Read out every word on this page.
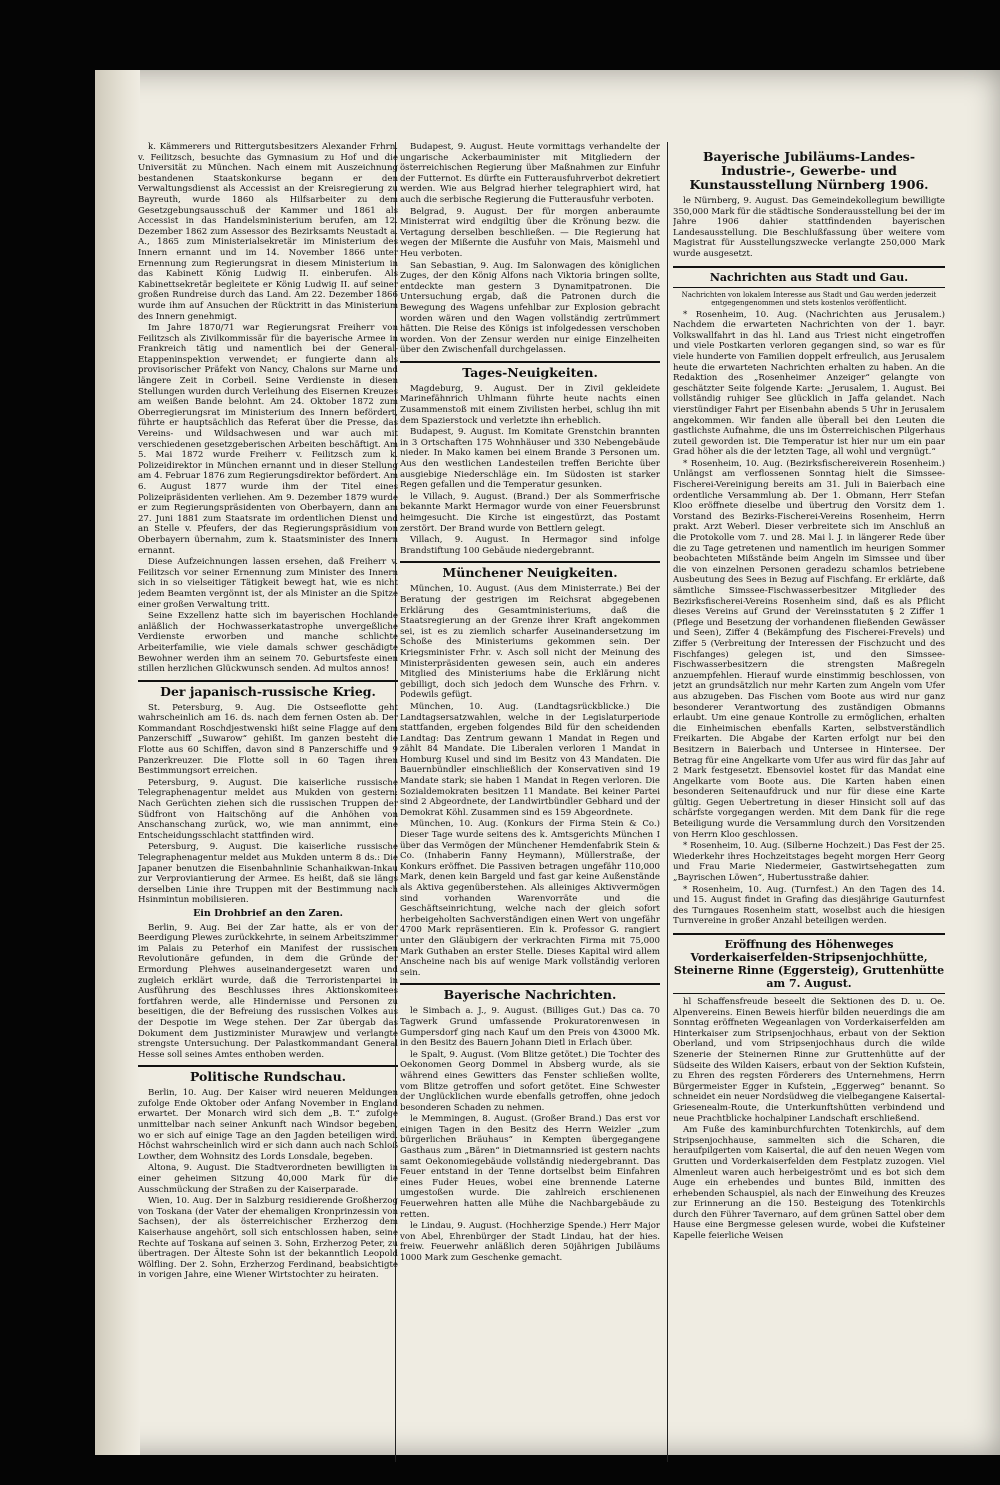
k. Kämmerers und Rittergutsbesitzers Alexander Frhrn. v. Feilitzsch, besuchte das Gymnasium zu Hof und die Universität zu München. Nach einem mit Auszeichnung bestandenen Staatskonkurse begann er den Verwaltungsdienst als Accessist an der Kreisregierung zu Bayreuth, wurde 1860 als Hilfsarbeiter zu dem Gesetzgebungsausschuß der Kammer und 1861 als Accessist in das Handelsministerium berufen, am 12. Dezember 1862 zum Assessor des Bezirksamts Neustadt a. A., 1865 zum Ministerialsekretär im Ministerium des Innern ernannt und im 14. November 1866 unter Ernennung zum Regierungsrat in diesem Ministerium in das Kabinett König Ludwig II. einberufen. Als Kabinettsekretär begleitete er König Ludwig II. auf seiner großen Rundreise durch das Land. Am 22. Dezember 1866 wurde ihm auf Ansuchen der Rücktritt in das Ministerium des Innern genehmigt.

Im Jahre 1870/71 war Regierungsrat Freiherr von Feilitzsch als Zivilkommissär für die bayerische Armee in Frankreich tätig und namentlich bei der General-Etappeninspektion verwendet; er fungierte dann als provisorischer Präfekt von Nancy, Chalons sur Marne und längere Zeit in Corbeil. Seine Verdienste in diesen Stellungen wurden durch Verleihung des Eisernen Kreuzes am weißen Bande belohnt. Am 24. Oktober 1872 zum Oberregierungsrat im Ministerium des Innern befördert, führte er hauptsächlich das Referat über die Presse, das Vereins- und Wildsachwesen und war auch mit verschiedenen gesetzgeberischen Arbeiten beschäftigt. Am 5. Mai 1872 wurde Freiherr v. Feilitzsch zum k. Polizeidirektor in München ernannt und in dieser Stellung am 4. Februar 1876 zum Regierungsdirektor befördert. Am 6. August 1877 wurde ihm der Titel eines Polizeipräsidenten verliehen. Am 9. Dezember 1879 wurde er zum Regierungspräsidenten von Oberbayern, dann am 27. Juni 1881 zum Staatsrate im ordentlichen Dienst und an Stelle v. Pfeufers, der das Regierungspräsidium von Oberbayern übernahm, zum k. Staatsminister des Innern ernannt.

Diese Aufzeichnungen lassen ersehen, daß Freiherr v. Feilitzsch vor seiner Ernennung zum Minister des Innern sich in so vielseitiger Tätigkeit bewegt hat, wie es nicht jedem Beamten vergönnt ist, der als Minister an die Spitze einer großen Verwaltung tritt.

Seine Exzellenz hatte sich im bayerischen Hochlande anläßlich der Hochwasserkatastrophe unvergeßliche Verdienste erworben und manche schlichte Arbeiterfamilie, wie viele damals schwer geschädigte Bewohner werden ihm an seinem 70. Geburtsfeste einen stillen herzlichen Glückwunsch senden. Ad multos annos!

Der japanisch-russische Krieg.

St. Petersburg, 9. Aug. Die Ostseeflotte geht wahrscheinlich am 16. ds. nach dem fernen Osten ab. Der Kommandant Roschdjestwenski hißt seine Flagge auf dem Panzerschiff „Suwarow“ gehißt. Im ganzen besteht die Flotte aus 60 Schiffen, davon sind 8 Panzerschiffe und 9 Panzerkreuzer. Die Flotte soll in 60 Tagen ihren Bestimmungsort erreichen.

Petersburg, 9. August. Die kaiserliche russische Telegraphenagentur meldet aus Mukden von gestern: Nach Gerüchten ziehen sich die russischen Truppen der Südfront von Haitschöng auf die Anhöhen von Anschanschang zurück, wo, wie man annimmt, eine Entscheidungsschlacht stattfinden wird.

Petersburg, 9. August. Die kaiserliche russische Telegraphenagentur meldet aus Mukden unterm 8 ds.: Die Japaner benutzen die Eisenbahnlinie Schanhaikwan-Inkau zur Verproviantierung der Armee. Es heißt, daß sie längs derselben Linie ihre Truppen mit der Bestimmung nach Hsinmintun mobilisieren.

Ein Drohbrief an den Zaren.

Berlin, 9. Aug. Bei der Zar hatte, als er von der Beerdigung Plewes zurückkehrte, in seinem Arbeitszimmer im Palais zu Peterhof ein Manifest der russischen Revolutionäre gefunden, in dem die Gründe der Ermordung Plehwes auseinandergesetzt waren und zugleich erklärt wurde, daß die Terroristenpartei in Ausführung des Beschlusses ihres Aktionskomitees fortfahren werde, alle Hindernisse und Personen zu beseitigen, die der Befreiung des russischen Volkes aus der Despotie im Wege stehen. Der Zar übergab das Dokument dem Justizminister Murawjew und verlangte strengste Untersuchung. Der Palastkommandant General Hesse soll seines Amtes enthoben werden.

Politische Rundschau.

Berlin, 10. Aug. Der Kaiser wird neueren Meldungen zufolge Ende Oktober oder Anfang November in England erwartet. Der Monarch wird sich dem „B. T.“ zufolge unmittelbar nach seiner Ankunft nach Windsor begeben, wo er sich auf einige Tage an den Jagden beteiligen wird. Höchst wahrscheinlich wird er sich dann auch nach Schloß Lowther, dem Wohnsitz des Lords Lonsdale, begeben.

Altona, 9. August. Die Stadtverordneten bewilligten in einer geheimen Sitzung 40,000 Mark für die Ausschmückung der Straßen zu der Kaiserparade.

Wien, 10. Aug. Der in Salzburg residierende Großherzog von Toskana (der Vater der ehemaligen Kronprinzessin von Sachsen), der als österreichischer Erzherzog dem Kaiserhause angehört, soll sich entschlossen haben, seine Rechte auf Toskana auf seinen 3. Sohn, Erzherzog Peter, zu übertragen. Der Älteste Sohn ist der bekanntlich Leopold Wölfling. Der 2. Sohn, Erzherzog Ferdinand, beabsichtigte in vorigen Jahre, eine Wiener Wirtstochter zu heiraten.

Budapest, 9. August. Heute vormittags verhandelte der ungarische Ackerbauminister mit Mitgliedern der österreichischen Regierung über Maßnahmen zur Einfuhr der Futternot. Es dürfte ein Futterausfuhrverbot dekretiert werden. Wie aus Belgrad hierher telegraphiert wird, hat auch die serbische Regierung die Futterausfuhr verboten.

Belgrad, 9. August. Der für morgen anberaumte Ministerrat wird endgiltig über die Krönung bezw. die Vertagung derselben beschließen. — Die Regierung hat wegen der Mißernte die Ausfuhr von Mais, Maismehl und Heu verboten.

San Sebastian, 9. Aug. Im Salonwagen des königlichen Zuges, der den König Alfons nach Viktoria bringen sollte, entdeckte man gestern 3 Dynamitpatronen. Die Untersuchung ergab, daß die Patronen durch die Bewegung des Wagens unfehlbar zur Explosion gebracht worden wären und den Wagen vollständig zertrümmert hätten. Die Reise des Königs ist infolgedessen verschoben worden. Von der Zensur werden nur einige Einzelheiten über den Zwischenfall durchgelassen.

Tages-Neuigkeiten.

Magdeburg, 9. August. Der in Zivil gekleidete Marinefähnrich Uhlmann führte heute nachts einen Zusammenstoß mit einem Zivilisten herbei, schlug ihn mit dem Spazierstock und verletzte ihn erheblich.

Budapest, 9. August. Im Komitate Grenstchin brannten in 3 Ortschaften 175 Wohnhäuser und 330 Nebengebäude nieder. In Mako kamen bei einem Brande 3 Personen um. Aus den westlichen Landesteilen treffen Berichte über ausgiebige Niederschläge ein. Im Südosten ist starker Regen gefallen und die Temperatur gesunken.

le Villach, 9. August. (Brand.) Der als Sommerfrische bekannte Markt Hermagor wurde von einer Feuersbrunst heimgesucht. Die Kirche ist eingestürzt, das Postamt zerstört. Der Brand wurde von Bettlern gelegt.

Villach, 9. August. In Hermagor sind infolge Brandstiftung 100 Gebäude niedergebrannt.

Münchener Neuigkeiten.

München, 10. August. (Aus dem Ministerrate.) Bei der Beratung der gestrigen im Reichsrat abgegebenen Erklärung des Gesamtministeriums, daß die Staatsregierung an der Grenze ihrer Kraft angekommen sei, ist es zu ziemlich scharfer Auseinandersetzung im Schoße des Ministeriums gekommen sein. Der Kriegsminister Frhr. v. Asch soll nicht der Meinung des Ministerpräsidenten gewesen sein, auch ein anderes Mitglied des Ministeriums habe die Erklärung nicht gebilligt, doch sich jedoch dem Wunsche des Frhrn. v. Podewils gefügt.

München, 10. Aug. (Landtagsrückblicke.) Die Landtagsersatzwahlen, welche in der Legislaturperiode stattfanden, ergeben folgendes Bild für den scheidenden Landtag: Das Zentrum gewann 1 Mandat in Regen und zählt 84 Mandate. Die Liberalen verloren 1 Mandat in Homburg Kusel und sind im Besitz von 43 Mandaten. Die Bauernbündler einschließlich der Konservativen sind 19 Mandate stark; sie haben 1 Mandat in Regen verloren. Die Sozialdemokraten besitzen 11 Mandate. Bei keiner Partei sind 2 Abgeordnete, der Landwirtbündler Gebhard und der Demokrat Köhl. Zusammen sind es 159 Abgeordnete.

München, 10. Aug. (Konkurs der Firma Stein & Co.) Dieser Tage wurde seitens des k. Amtsgerichts München I über das Vermögen der Münchener Hemdenfabrik Stein & Co. (Inhaberin Fanny Heymann), Müllerstraße, der Konkurs eröffnet. Die Passiven betragen ungefähr 110,000 Mark, denen kein Bargeld und fast gar keine Außenstände als Aktiva gegenüberstehen. Als alleiniges Aktivvermögen sind vorhanden Warenvorräte und die Geschäftseinrichtung, welche nach der gleich sofort herbeigeholten Sachverständigen einen Wert von ungefähr 4700 Mark repräsentieren. Ein k. Professor G. rangiert unter den Gläubigern der verkrachten Firma mit 75,000 Mark Guthaben an erster Stelle. Dieses Kapital wird allem Anscheine nach bis auf wenige Mark vollständig verloren sein.

Bayerische Nachrichten.

le Simbach a. J., 9. August. (Billiges Gut.) Das ca. 70 Tagwerk Grund umfassende Prokuratorenwesen in Gumpersdorf ging nach Kauf um den Preis von 43000 Mk. in den Besitz des Bauern Johann Dietl in Erlach über.

le Spalt, 9. August. (Vom Blitze getötet.) Die Tochter des Oekonomen Georg Dommel in Absberg wurde, als sie während eines Gewitters das Fenster schließen wollte, vom Blitze getroffen und sofort getötet. Eine Schwester der Unglücklichen wurde ebenfalls getroffen, ohne jedoch besonderen Schaden zu nehmen.

le Memmingen, 8. August. (Großer Brand.) Das erst vor einigen Tagen in den Besitz des Herrn Weizler „zum bürgerlichen Bräuhaus“ in Kempten übergegangene Gasthaus zum „Bären“ in Dietmannsried ist gestern nachts samt Oekonomiegebäude vollständig niedergebrannt. Das Feuer entstand in der Tenne dortselbst beim Einfahren eines Fuder Heues, wobei eine brennende Laterne umgestoßen wurde. Die zahlreich erschienenen Feuerwehren hatten alle Mühe die Nachbargebäude zu retten.

le Lindau, 9. August. (Hochherzige Spende.) Herr Major von Abel, Ehrenbürger der Stadt Lindau, hat der hies. freiw. Feuerwehr anläßlich deren 50jährigen Jubiläums 1000 Mark zum Geschenke gemacht.

Bayerische Jubiläums-Landes-Industrie-, Gewerbe- und Kunstausstellung Nürnberg 1906.

le Nürnberg, 9. August. Das Gemeindekollegium bewilligte 350,000 Mark für die städtische Sonderausstellung bei der im Jahre 1906 dahier stattfindenden bayerischen Landesausstellung. Die Beschlußfassung über weitere vom Magistrat für Ausstellungszwecke verlangte 250,000 Mark wurde ausgesetzt.

Nachrichten aus Stadt und Gau.
Nachrichten von lokalem Interesse aus Stadt und Gau werden jederzeit entgegengenommen und stets kostenlos veröffentlicht.

* Rosenheim, 10. Aug. (Nachrichten aus Jerusalem.) Nachdem die erwarteten Nachrichten von der 1. bayr. Volkswallfahrt in das hl. Land aus Triest nicht eingetroffen und viele Postkarten verloren gegangen sind, so war es für viele hunderte von Familien doppelt erfreulich, aus Jerusalem heute die erwarteten Nachrichten erhalten zu haben. An die Redaktion des „Rosenheimer Anzeiger“ gelangte von geschätzter Seite folgende Karte: „Jerusalem, 1. August. Bei vollständig ruhiger See glücklich in Jaffa gelandet. Nach vierstündiger Fahrt per Eisenbahn abends 5 Uhr in Jerusalem angekommen. Wir fanden alle überall bei den Leuten die gastlichste Aufnahme, die uns im Österreichischen Pilgerhaus zuteil geworden ist. Die Temperatur ist hier nur um ein paar Grad höher als die der letzten Tage, all wohl und vergnügt.“

* Rosenheim, 10. Aug. (Bezirksfischereiverein Rosenheim.) Unlängst am verflossenen Sonntag hielt die Simssee-Fischerei-Vereinigung bereits am 31. Juli in Baierbach eine ordentliche Versammlung ab. Der 1. Obmann, Herr Stefan Kloo eröffnete dieselbe und übertrug den Vorsitz dem 1. Vorstand des Bezirks-Fischerei-Vereins Rosenheim, Herrn prakt. Arzt Weberl. Dieser verbreitete sich im Anschluß an die Protokolle vom 7. und 28. Mai l. J. in längerer Rede über die zu Tage getretenen und namentlich im heurigen Sommer beobachteten Mißstände beim Angeln im Simssee und über die von einzelnen Personen geradezu schamlos betriebene Ausbeutung des Sees in Bezug auf Fischfang. Er erklärte, daß sämtliche Simssee-Fischwasserbesitzer Mitglieder des Bezirksfischerei-Vereins Rosenheim sind, daß es als Pflicht dieses Vereins auf Grund der Vereinsstatuten § 2 Ziffer 1 (Pflege und Besetzung der vorhandenen fließenden Gewässer und Seen), Ziffer 4 (Bekämpfung des Fischerei-Frevels) und Ziffer 5 (Verbreitung der Interessen der Fischzucht und des Fischfanges) gelegen ist, und den Simssee-Fischwasserbesitzern die strengsten Maßregeln anzuempfehlen. Hierauf wurde einstimmig beschlossen, von jetzt an grundsätzlich nur mehr Karten zum Angeln vom Ufer aus abzugeben. Das Fischen vom Boote aus wird nur ganz besonderer Verantwortung des zuständigen Obmanns erlaubt. Um eine genaue Kontrolle zu ermöglichen, erhalten die Einheimischen ebenfalls Karten, selbstverständlich Freikarten. Die Abgabe der Karten erfolgt nur bei den Besitzern in Baierbach und Untersee in Hintersee. Der Betrag für eine Angelkarte vom Ufer aus wird für das Jahr auf 2 Mark festgesetzt. Ebensoviel kostet für das Mandat eine Angelkarte vom Boote aus. Die Karten haben einen besonderen Seitenaufdruck und nur für diese eine Karte gültig. Gegen Uebertretung in dieser Hinsicht soll auf das schärfste vorgegangen werden. Mit dem Dank für die rege Beteiligung wurde die Versammlung durch den Vorsitzenden von Herrn Kloo geschlossen.

* Rosenheim, 10. Aug. (Silberne Hochzeit.) Das Fest der 25. Wiederkehr ihres Hochzeitstages begeht morgen Herr Georg und Frau Marie Niedermeier, Gastwirtsehegatten zum „Bayrischen Löwen“, Hubertusstraße dahier.

* Rosenheim, 10. Aug. (Turnfest.) An den Tagen des 14. und 15. August findet in Grafing das diesjährige Gauturnfest des Turngaues Rosenheim statt, woselbst auch die hiesigen Turnvereine in großer Anzahl beteiligen werden.

Eröffnung des Höhenweges Vorderkaiserfelden-Stripsenjochhütte, Steinerne Rinne (Eggersteig), Gruttenhütte am 7. August.

hl Schaffensfreude beseelt die Sektionen des D. u. Oe. Alpenvereins. Einen Beweis hierfür bilden neuerdings die am Sonntag eröffneten Wegeanlagen von Vorderkaiserfelden am Hinterkaiser zum Stripsenjochhaus, erbaut von der Sektion Oberland, und vom Stripsenjochhaus durch die wilde Szenerie der Steinernen Rinne zur Gruttenhütte auf der Südseite des Wilden Kaisers, erbaut von der Sektion Kufstein, zu Ehren des regsten Förderers des Unternehmens, Herrn Bürgermeister Egger in Kufstein, „Eggerweg“ benannt. So schneidet ein neuer Nordsüdweg die vielbegangene Kaisertal-Griesenealm-Route, die Unterkunftshütten verbindend und neue Prachtblicke hochalpiner Landschaft erschließend.

Am Fuße des kaminburchfurchten Totenkirchls, auf dem Stripsenjochhause, sammelten sich die Scharen, die heraufpilgerten vom Kaisertal, die auf den neuen Wegen vom Grutten und Vorderkaiserfelden dem Festplatz zuzogen. Viel Almenleut waren auch herbeigeströmt und es bot sich dem Auge ein erhebendes und buntes Bild, inmitten des erhebenden Schauspiel, als nach der Einweihung des Kreuzes zur Erinnerung an die 150. Besteigung des Totenkirchls durch den Führer Tavernaro, auf dem grünen Sattel ober dem Hause eine Bergmesse gelesen wurde, wobei die Kufsteiner Kapelle feierliche Weisen
